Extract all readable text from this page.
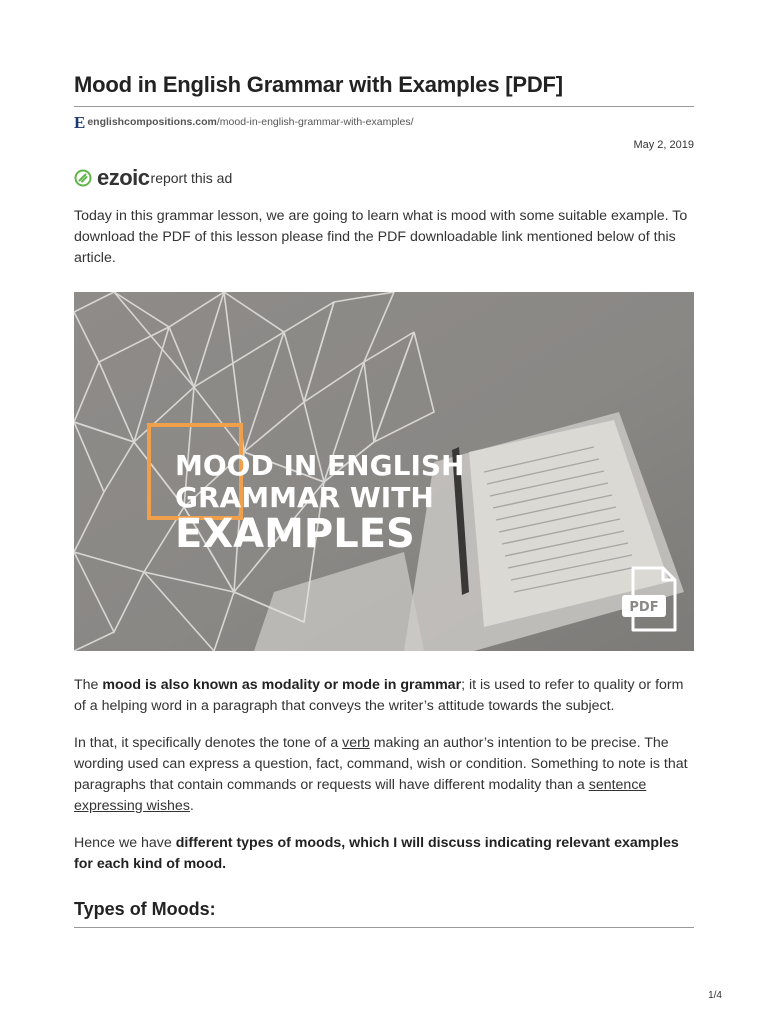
Mood in English Grammar with Examples [PDF]
E englishcompositions.com /mood-in-english-grammar-with-examples/
May 2, 2019
ezoic report this ad

Today in this grammar lesson, we are going to learn what is mood with some suitable example. To download the PDF of this lesson please find the PDF downloadable link mentioned below of this article.

MOOD IN ENGLISH
GRAMMAR WITH
EXAMPLES
PDF

The mood is also known as modality or mode in grammar; it is used to refer to quality or form of a helping word in a paragraph that conveys the writer’s attitude towards the subject.

In that, it specifically denotes the tone of a verb making an author’s intention to be precise. The wording used can express a question, fact, command, wish or condition. Something to note is that paragraphs that contain commands or requests will have different modality than a sentence expressing wishes.

Hence we have different types of moods, which I will discuss indicating relevant examples for each kind of mood.

Types of Moods:
1/4
